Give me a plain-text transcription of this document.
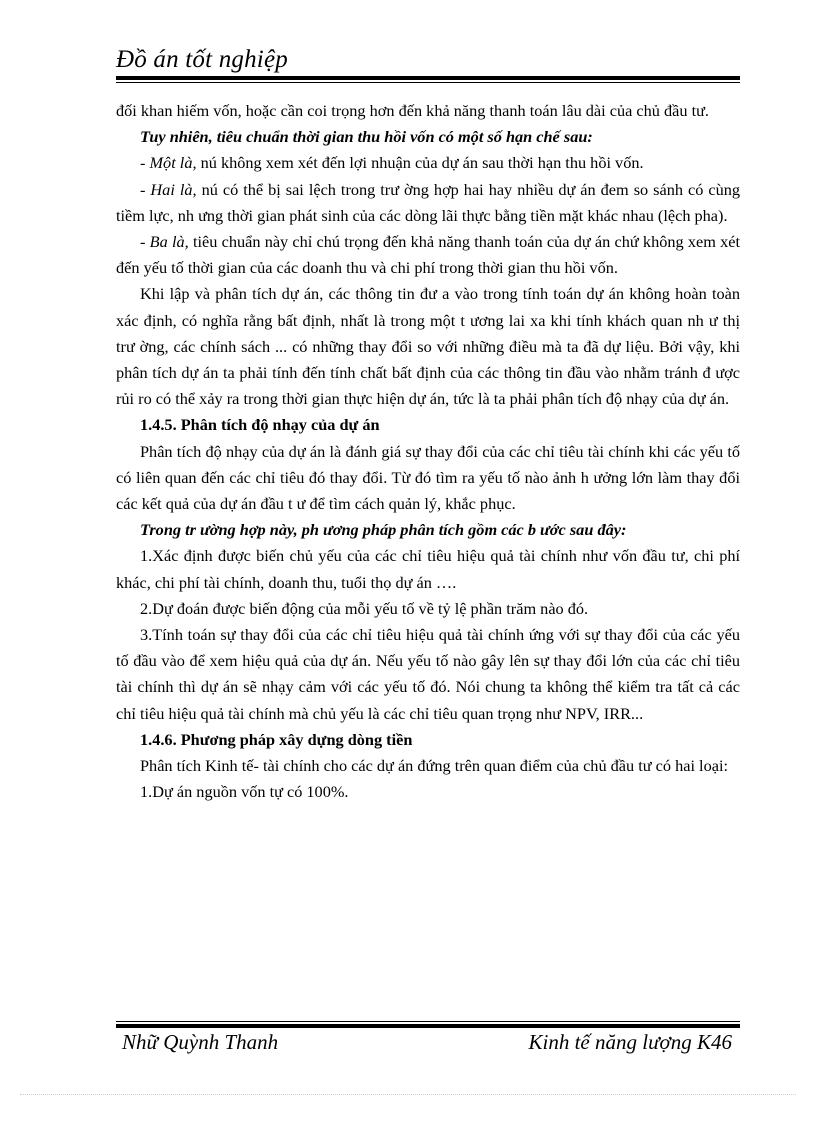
Đồ án tốt nghiệp

đối khan hiếm vốn, hoặc cần coi trọng hơn đến khả năng thanh toán lâu dài của chủ đầu tư.

Tuy nhiên, tiêu chuẩn thời gian thu hồi vốn có một số hạn chế sau:

- Một là, nú không xem xét đến lợi nhuận của dự án sau thời hạn thu hồi vốn.

- Hai là, nú có thể bị sai lệch trong trư ờng hợp hai hay nhiều dự án đem so sánh có cùng tiềm lực, nh ưng thời gian phát sinh của các dòng lãi thực bằng tiền mặt khác nhau (lệch pha).

- Ba là, tiêu chuẩn này chỉ chú trọng đến khả năng thanh toán của dự án chứ không xem xét đến yếu tố thời gian của các doanh thu và chi phí trong thời gian thu hồi vốn.

Khi lập và phân tích dự án, các thông tin đư a vào trong tính toán dự án không hoàn toàn xác định, có nghĩa rằng bất định, nhất là trong một t ương lai xa khi tính khách quan nh ư thị trư ờng, các chính sách ... có những thay đổi so với những điều mà ta đã dự liệu. Bởi vậy, khi phân tích dự án ta phải tính đến tính chất bất định của các thông tin đầu vào nhằm tránh đ ược rủi ro có thể xảy ra trong thời gian thực hiện dự án, tức là ta phải phân tích độ nhạy của dự án.

1.4.5. Phân tích độ nhạy của dự án

Phân tích độ nhạy của dự án là đánh giá sự thay đổi của các chỉ tiêu tài chính khi các yếu tố có liên quan đến các chỉ tiêu đó thay đổi. Từ đó tìm ra yếu tố nào ảnh h ưởng lớn làm thay đổi các kết quả của dự án đầu t ư để tìm cách quản lý, khắc phục.

Trong tr ường hợp này, ph ương pháp phân tích gồm các b ước sau đây:

1.Xác định được biến chủ yếu của các chỉ tiêu hiệu quả tài chính như vốn đầu tư, chi phí khác, chi phí tài chính, doanh thu, tuổi thọ dự án ….

2.Dự đoán được biến động của mỗi yếu tố về tỷ lệ phần trăm nào đó.

3.Tính toán sự thay đổi của các chỉ tiêu hiệu quả tài chính ứng với sự thay đổi của các yếu tố đầu vào để xem hiệu quả của dự án. Nếu yếu tố nào gây lên sự thay đổi lớn của các chỉ tiêu tài chính thì dự án sẽ nhạy cảm với các yếu tố đó. Nói chung ta không thể kiểm tra tất cả các chỉ tiêu hiệu quả tài chính mà chủ yếu là các chỉ tiêu quan trọng như NPV, IRR...

1.4.6. Phương pháp xây dựng dòng tiền

Phân tích Kinh tế- tài chính cho các dự án đứng trên quan điểm của chủ đầu tư có hai loại:

1.Dự án nguồn vốn tự có 100%.

Nhữ Quỳnh Thanh	Kinh tế năng lượng K46
